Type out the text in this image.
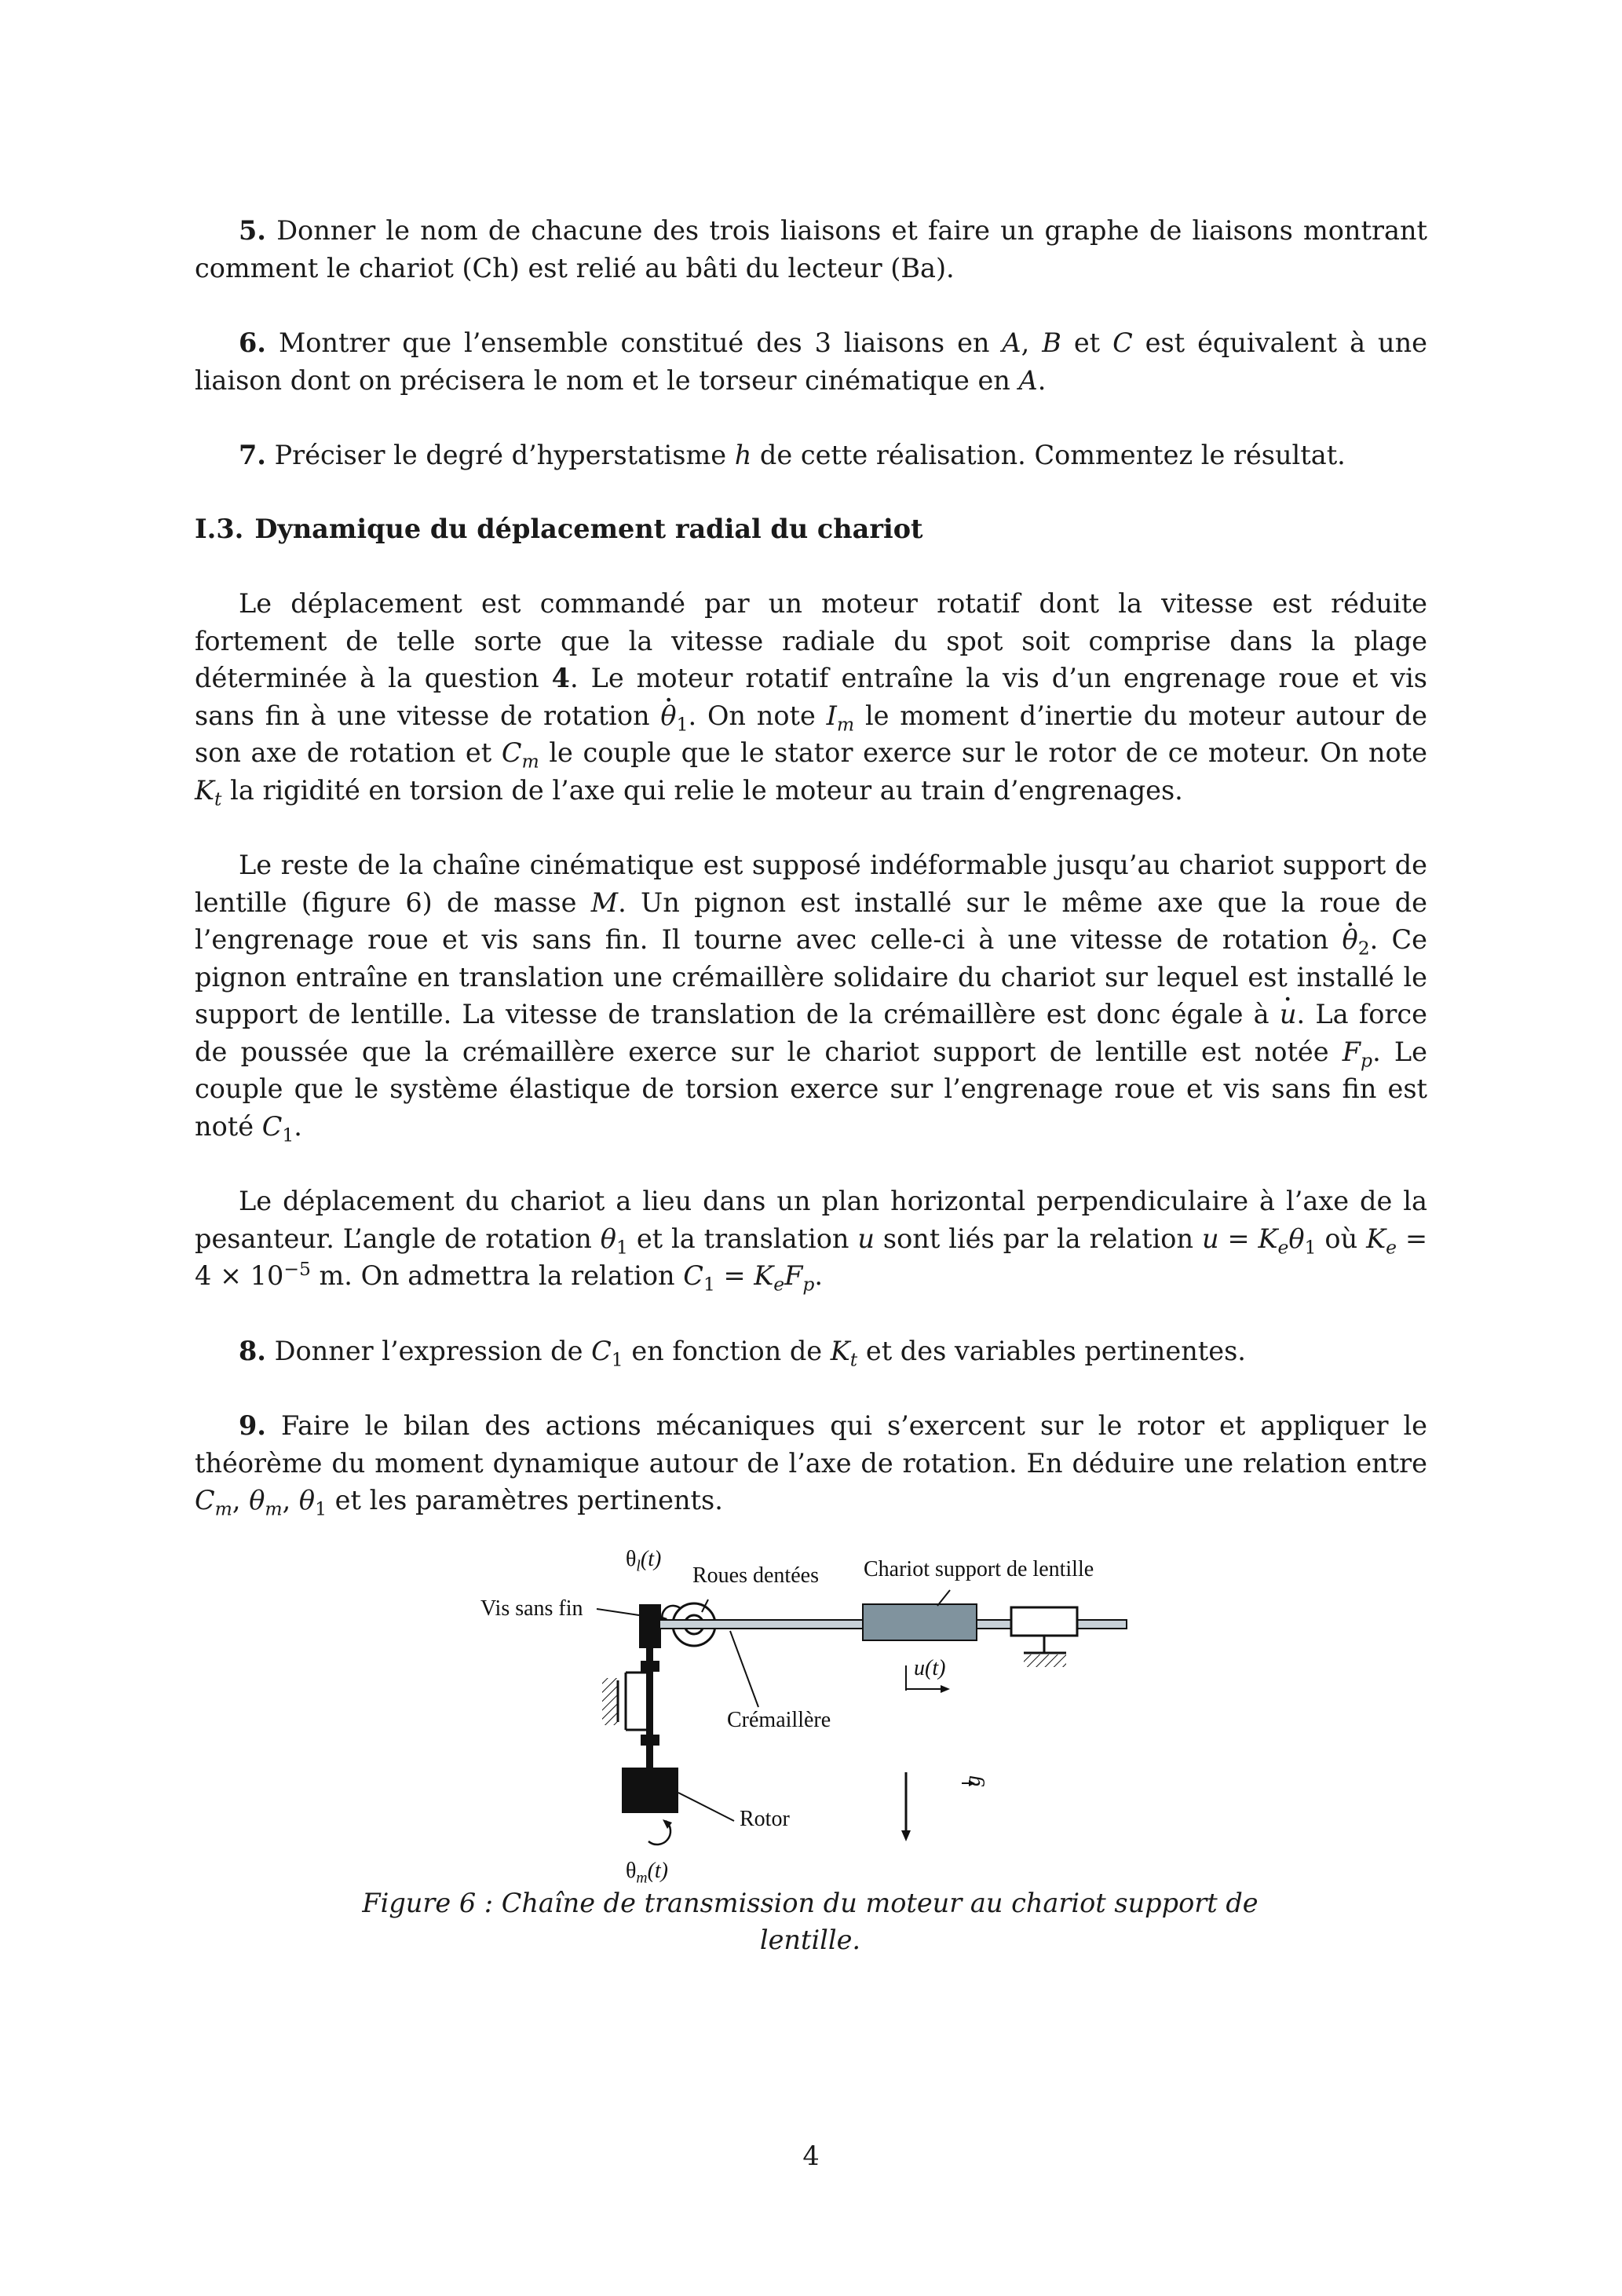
5. Donner le nom de chacune des trois liaisons et faire un graphe de liaisons montrant comment le chariot (Ch) est relié au bâti du lecteur (Ba).

6. Montrer que l’ensemble constitué des 3 liaisons en A, B et C est équivalent à une liaison dont on précisera le nom et le torseur cinématique en A.

7. Préciser le degré d’hyperstatisme h de cette réalisation. Commentez le résultat.

I.3. Dynamique du déplacement radial du chariot

Le déplacement est commandé par un moteur rotatif dont la vitesse est réduite fortement de telle sorte que la vitesse radiale du spot soit comprise dans la plage déterminée à la question 4. Le moteur rotatif entraîne la vis d’un engrenage roue et vis sans fin à une vitesse de rotation · $\theta_1$. On note $I_m$ le moment d’inertie du moteur autour de son axe de rotation et $C_m$ le couple que le stator exerce sur le rotor de ce moteur. On note $K_t$ la rigidité en torsion de l’axe qui relie le moteur au train d’engrenages.

Le reste de la chaîne cinématique est supposé indéformable jusqu’au chariot support de lentille (figure 6) de masse M. Un pignon est installé sur le même axe que la roue de l’engrenage roue et vis sans fin. Il tourne avec celle-ci à une vitesse de rotation · $\theta_2$. Ce pignon entraîne en translation une crémaillère solidaire du chariot sur lequel est installé le support de lentille. La vitesse de translation de la crémaillère est donc égale à · u. La force de poussée que la crémaillère exerce sur le chariot support de lentille est notée $F_p$. Le couple que le système élastique de torsion exerce sur l’engrenage roue et vis sans fin est noté $C_1$.

Le déplacement du chariot a lieu dans un plan horizontal perpendiculaire à l’axe de la pesanteur. L’angle de rotation $\theta_1$ et la translation u sont liés par la relation $u = K_e\theta_1$ où $K_e = 4 \times 10^{-5}$ m. On admettra la relation $C_1 = K_eF_p$.

8. Donner l’expression de $C_1$ en fonction de $K_t$ et des variables pertinentes.

9. Faire le bilan des actions mécaniques qui s’exercent sur le rotor et appliquer le théorème du moment dynamique autour de l’axe de rotation. En déduire une relation entre $C_m$, $\theta_m$, $\theta_1$ et les paramètres pertinents.

$\theta_l(t)$
Roues dentées Chariot support de lentille
Vis sans fin
u(t)
Crémaillère
g
Rotor
$\theta_m(t)$
Figure 6 : Chaîne de transmission du moteur au chariot support de lentille.
4
